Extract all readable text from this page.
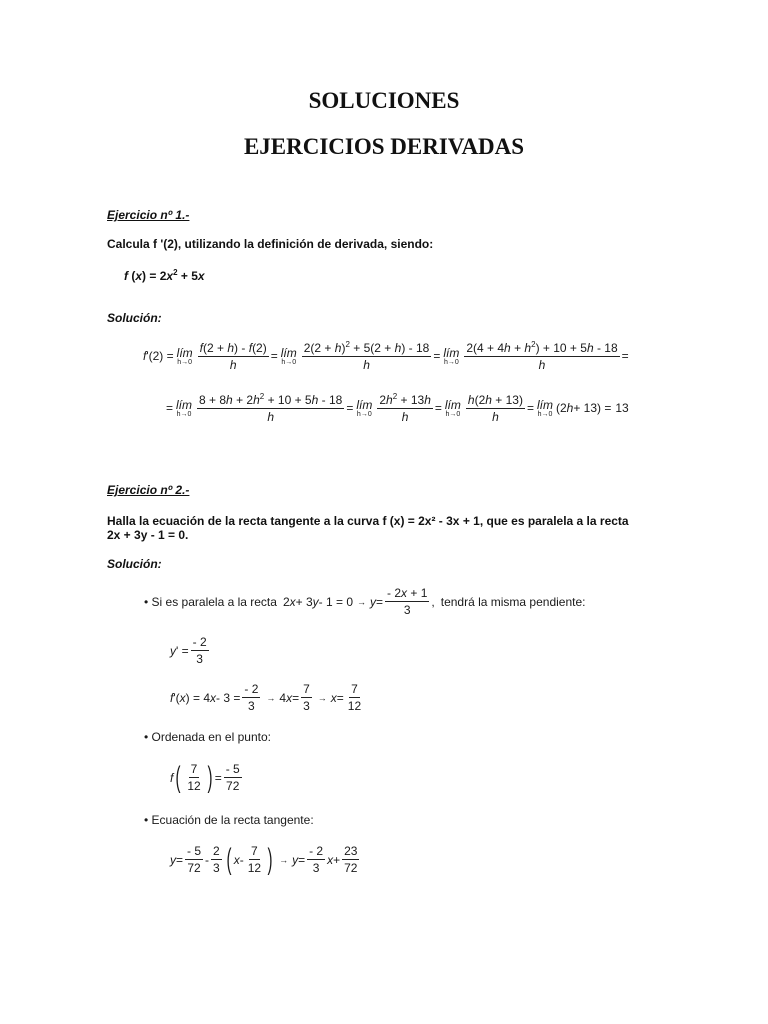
SOLUCIONES
EJERCICIOS DERIVADAS
Ejercicio nº 1.-
Calcula f '(2), utilizando la definición de derivada, siendo:
f $(x) = 2x^2 + 5x$
Solución:
f '(2) = lím
h→0
f(2 + h) - f(2)
h
= lím
h→0
$2(2 + h)^2 + 5(2 + h) - 18$
h
= lím
h→0
$2(4 + 4h + h^2) + 10 + 5h - 18$
h
=
= lím
h→0
$8 + 8h + 2h^2 + 10 + 5h - 18$
h
= lím
h→0
$2h^2 + 13h$
h
= lím
h→0
h(2h + 13)
h
= lím
h→0 (2 h + 13) = 13
Ejercicio nº 2.-
Halla la ecuación de la recta tangente a la curva f (x) = 2x² - 3x + 1, que es paralela a la recta
2x + 3y - 1 = 0.
Solución:
• Si es paralela a la recta 2 x + 3 y - 1 = 0 → y =
- 2x + 1
3
, tendrá la misma pendiente:
y ' =
- 2
3
f '( x ) = 4 x - 3 =
- 2
3
→ 4 x =
7
3
→ x =
7
12
• Ordenada en el punto:
f ( 7
12 ) =
- 5
72
• Ecuación de la recta tangente:
y =
- 5
72
-
2
3 ( x -
7
12 ) → y =
- 2
3
x +
23
72
